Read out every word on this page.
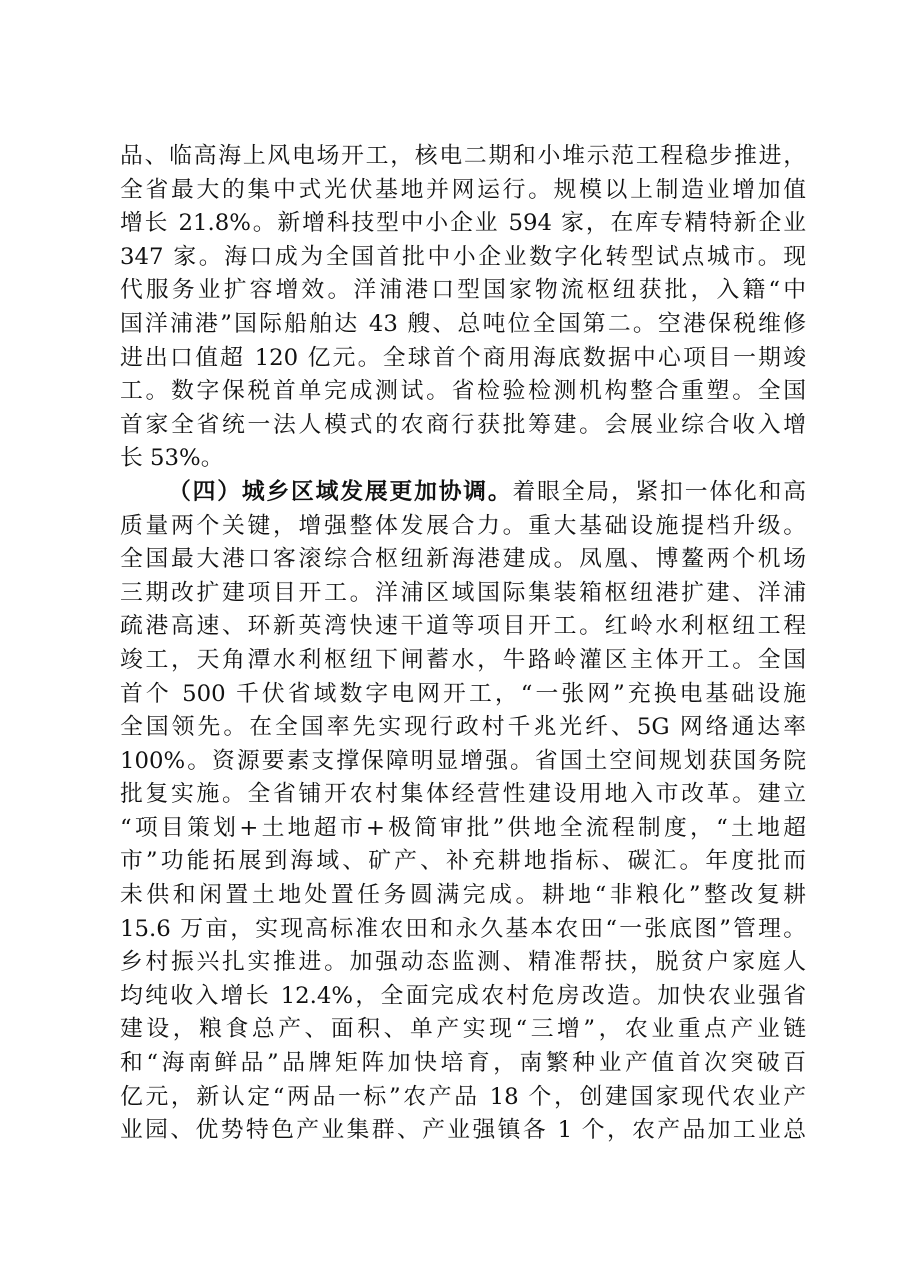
品、临高海上风电场开工，核电二期和小堆示范工程稳步推进，
全省最大的集中式光伏基地并网运行。规模以上制造业增加值
增长 21.8%。新增科技型中小企业 594 家，在库专精特新企业
347 家。海口成为全国首批中小企业数字化转型试点城市。现
代服务业扩容增效。洋浦港口型国家物流枢纽获批，入籍“中
国洋浦港”国际船舶达 43 艘、总吨位全国第二。空港保税维修
进出口值超 120 亿元。全球首个商用海底数据中心项目一期竣
工。数字保税首单完成测试。省检验检测机构整合重塑。全国
首家全省统一法人模式的农商行获批筹建。会展业综合收入增
长 53%。
（四）城乡区域发展更加协调。着眼全局，紧扣一体化和高
质量两个关键，增强整体发展合力。重大基础设施提档升级。
全国最大港口客滚综合枢纽新海港建成。凤凰、博鳌两个机场
三期改扩建项目开工。洋浦区域国际集装箱枢纽港扩建、洋浦
疏港高速、环新英湾快速干道等项目开工。红岭水利枢纽工程
竣工，天角潭水利枢纽下闸蓄水，牛路岭灌区主体开工。全国
首个 500 千伏省域数字电网开工，“一张网”充换电基础设施
全国领先。在全国率先实现行政村千兆光纤、5G 网络通达率
100%。资源要素支撑保障明显增强。省国土空间规划获国务院
批复实施。全省铺开农村集体经营性建设用地入市改革。建立
“项目策划+土地超市+极简审批”供地全流程制度，“土地超
市”功能拓展到海域、矿产、补充耕地指标、碳汇。年度批而
未供和闲置土地处置任务圆满完成。耕地“非粮化”整改复耕
15.6 万亩，实现高标准农田和永久基本农田“一张底图”管理。
乡村振兴扎实推进。加强动态监测、精准帮扶，脱贫户家庭人
均纯收入增长 12.4%，全面完成农村危房改造。加快农业强省
建设，粮食总产、面积、单产实现“三增”，农业重点产业链
和“海南鲜品”品牌矩阵加快培育，南繁种业产值首次突破百
亿元，新认定“两品一标”农产品 18 个，创建国家现代农业产
业园、优势特色产业集群、产业强镇各 1 个，农产品加工业总
